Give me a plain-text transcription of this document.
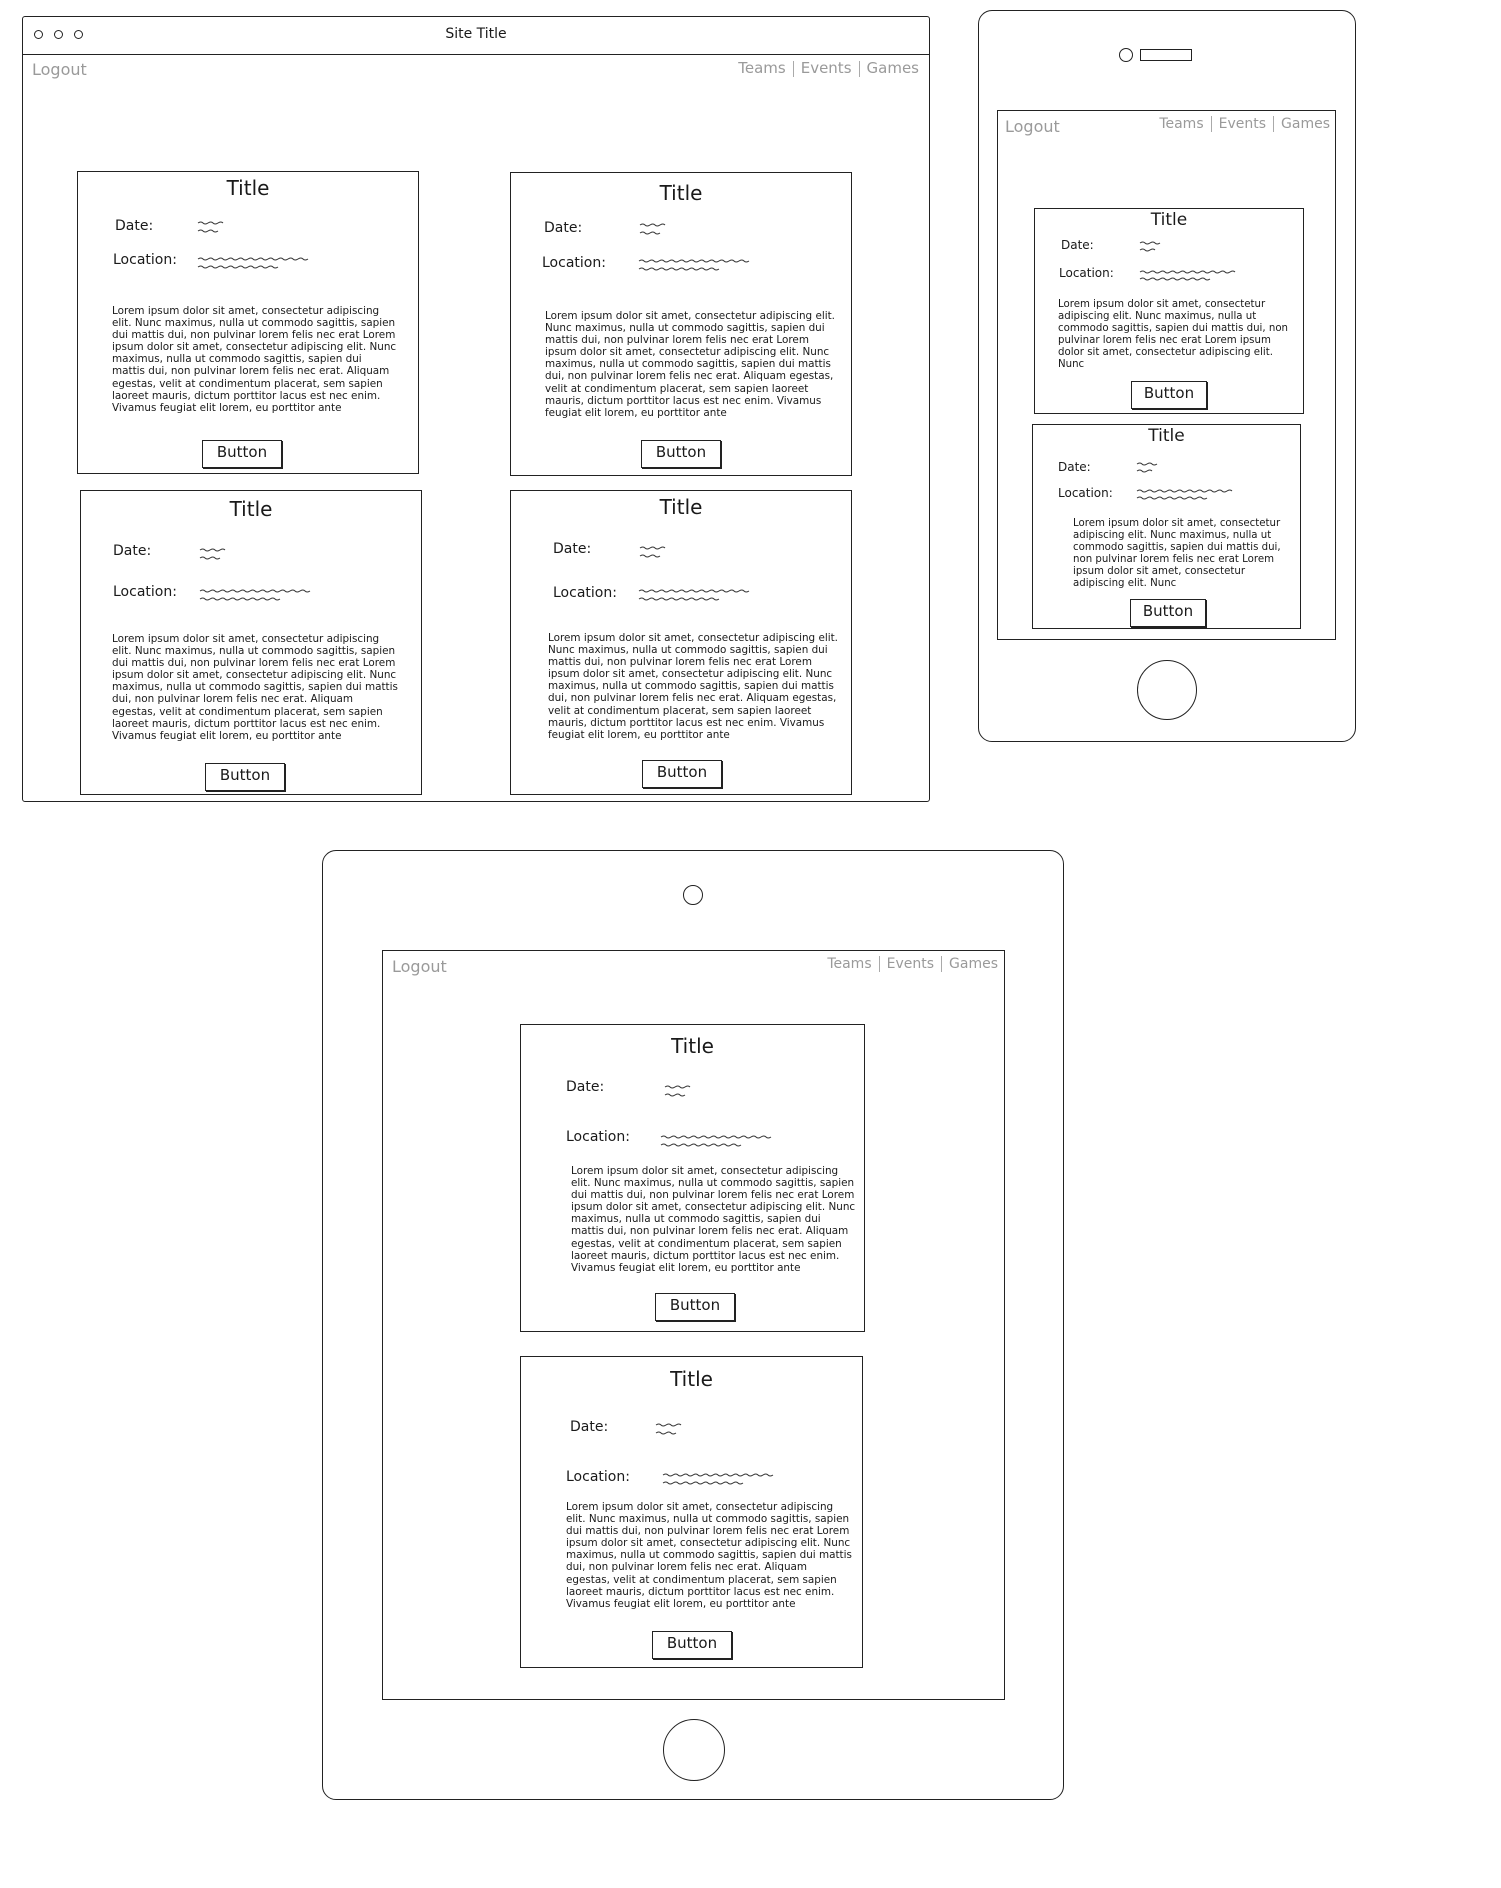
Site Title
Logout	Teams Events Games
Title
Date:
Location:
Lorem ipsum dolor sit amet, consectetur adipiscing elit. Nunc maximus, nulla ut commodo sagittis, sapien dui mattis dui, non pulvinar lorem felis nec erat Lorem ipsum dolor sit amet, consectetur adipiscing elit. Nunc maximus, nulla ut commodo sagittis, sapien dui mattis dui, non pulvinar lorem felis nec erat. Aliquam egestas, velit at condimentum placerat, sem sapien laoreet mauris, dictum porttitor lacus est nec enim. Vivamus feugiat elit lorem, eu porttitor ante
Button
Title
Date:
Location:
Lorem ipsum dolor sit amet, consectetur adipiscing elit. Nunc maximus, nulla ut commodo sagittis, sapien dui mattis dui, non pulvinar lorem felis nec erat Lorem ipsum dolor sit amet, consectetur adipiscing elit. Nunc maximus, nulla ut commodo sagittis, sapien dui mattis dui, non pulvinar lorem felis nec erat. Aliquam egestas, velit at condimentum placerat, sem sapien laoreet mauris, dictum porttitor lacus est nec enim. Vivamus feugiat elit lorem, eu porttitor ante
Button
Title
Date:
Location:
Lorem ipsum dolor sit amet, consectetur adipiscing elit. Nunc maximus, nulla ut commodo sagittis, sapien dui mattis dui, non pulvinar lorem felis nec erat Lorem ipsum dolor sit amet, consectetur adipiscing elit. Nunc maximus, nulla ut commodo sagittis, sapien dui mattis dui, non pulvinar lorem felis nec erat. Aliquam egestas, velit at condimentum placerat, sem sapien laoreet mauris, dictum porttitor lacus est nec enim. Vivamus feugiat elit lorem, eu porttitor ante
Button
Title
Date:
Location:
Lorem ipsum dolor sit amet, consectetur adipiscing elit. Nunc maximus, nulla ut commodo sagittis, sapien dui mattis dui, non pulvinar lorem felis nec erat Lorem ipsum dolor sit amet, consectetur adipiscing elit. Nunc maximus, nulla ut commodo sagittis, sapien dui mattis dui, non pulvinar lorem felis nec erat. Aliquam egestas, velit at condimentum placerat, sem sapien laoreet mauris, dictum porttitor lacus est nec enim. Vivamus feugiat elit lorem, eu porttitor ante
Button
Logout	Teams Events Games
Title
Date:
Location:
Lorem ipsum dolor sit amet, consectetur adipiscing elit. Nunc maximus, nulla ut commodo sagittis, sapien dui mattis dui, non pulvinar lorem felis nec erat Lorem ipsum dolor sit amet, consectetur adipiscing elit. Nunc
Button
Title
Date:
Location:
Lorem ipsum dolor sit amet, consectetur adipiscing elit. Nunc maximus, nulla ut commodo sagittis, sapien dui mattis dui, non pulvinar lorem felis nec erat Lorem ipsum dolor sit amet, consectetur adipiscing elit. Nunc
Button
Logout	Teams Events Games
Title
Date:
Location:
Lorem ipsum dolor sit amet, consectetur adipiscing elit. Nunc maximus, nulla ut commodo sagittis, sapien dui mattis dui, non pulvinar lorem felis nec erat Lorem ipsum dolor sit amet, consectetur adipiscing elit. Nunc maximus, nulla ut commodo sagittis, sapien dui mattis dui, non pulvinar lorem felis nec erat. Aliquam egestas, velit at condimentum placerat, sem sapien laoreet mauris, dictum porttitor lacus est nec enim. Vivamus feugiat elit lorem, eu porttitor ante
Button
Title
Date:
Location:
Lorem ipsum dolor sit amet, consectetur adipiscing elit. Nunc maximus, nulla ut commodo sagittis, sapien dui mattis dui, non pulvinar lorem felis nec erat Lorem ipsum dolor sit amet, consectetur adipiscing elit. Nunc maximus, nulla ut commodo sagittis, sapien dui mattis dui, non pulvinar lorem felis nec erat. Aliquam egestas, velit at condimentum placerat, sem sapien laoreet mauris, dictum porttitor lacus est nec enim. Vivamus feugiat elit lorem, eu porttitor ante
Button
